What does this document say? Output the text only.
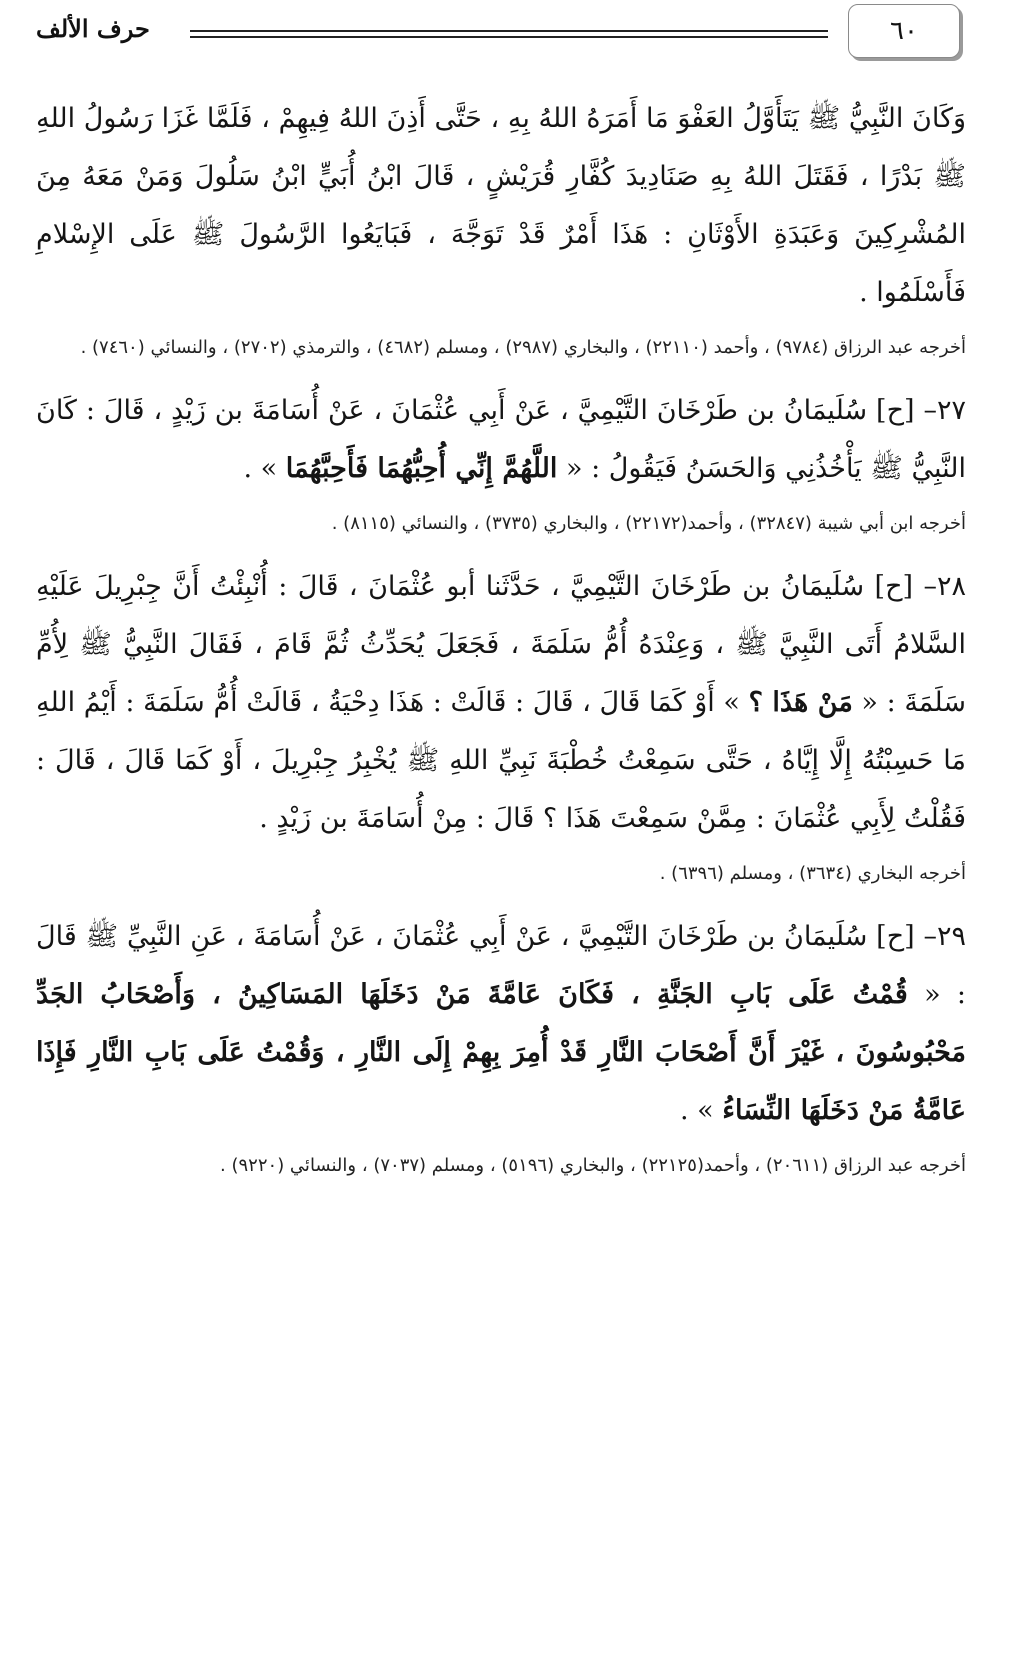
٦٠
حرف الألف

وَكَانَ النَّبِيُّ ﷺ يَتَأَوَّلُ العَفْوَ مَا أَمَرَهُ اللهُ بِهِ ، حَتَّى أَذِنَ اللهُ فِيهِمْ ، فَلَمَّا غَزَا رَسُولُ اللهِ ﷺ بَدْرًا ، فَقَتَلَ اللهُ بِهِ صَنَادِيدَ كُفَّارِ قُرَيْشٍ ، قَالَ ابْنُ أُبَيٍّ ابْنُ سَلُولَ وَمَنْ مَعَهُ مِنَ المُشْرِكِينَ وَعَبَدَةِ الأَوْثَانِ : هَذَا أَمْرٌ قَدْ تَوَجَّهَ ، فَبَايَعُوا الرَّسُولَ ﷺ عَلَى الإِسْلامِ فَأَسْلَمُوا .

أخرجه عبد الرزاق (٩٧٨٤) ، وأحمد (٢٢١١٠) ، والبخاري (٢٩٨٧) ، ومسلم (٤٦٨٢) ، والترمذي (٢٧٠٢) ، والنسائي (٧٤٦٠) .

٢٧– [ح] سُلَيمَانُ بن طَرْخَانَ التَّيْمِيَّ ، عَنْ أَبِي عُثْمَانَ ، عَنْ أُسَامَةَ بن زَيْدٍ ، قَالَ : كَانَ النَّبِيُّ ﷺ يَأْخُذُنِي وَالحَسَنُ فَيَقُولُ : « اللَّهُمَّ إِنِّي أُحِبُّهُمَا فَأَحِبَّهُمَا » .

أخرجه ابن أبي شيبة (٣٢٨٤٧) ، وأحمد(٢٢١٧٢) ، والبخاري (٣٧٣٥) ، والنسائي (٨١١٥) .

٢٨– [ح] سُلَيمَانُ بن طَرْخَانَ التَّيْمِيَّ ، حَدَّثَنا أبو عُثْمَانَ ، قَالَ : أُنْبِئْتُ أَنَّ جِبْرِيلَ عَلَيْهِ السَّلامُ أَتَى النَّبِيَّ ﷺ ، وَعِنْدَهُ أُمُّ سَلَمَةَ ، فَجَعَلَ يُحَدِّثُ ثُمَّ قَامَ ، فَقَالَ النَّبِيُّ ﷺ لِأُمِّ سَلَمَةَ : « مَنْ هَذَا ؟ » أَوْ كَمَا قَالَ ، قَالَ : قَالَتْ : هَذَا دِحْيَةُ ، قَالَتْ أُمُّ سَلَمَةَ : أَيْمُ اللهِ مَا حَسِبْتُهُ إِلَّا إِيَّاهُ ، حَتَّى سَمِعْتُ خُطْبَةَ نَبِيِّ اللهِ ﷺ يُخْبِرُ جِبْرِيلَ ، أَوْ كَمَا قَالَ ، قَالَ : فَقُلْتُ لِأَبِي عُثْمَانَ : مِمَّنْ سَمِعْتَ هَذَا ؟ قَالَ : مِنْ أُسَامَةَ بن زَيْدٍ .

أخرجه البخاري (٣٦٣٤) ، ومسلم (٦٣٩٦) .

٢٩– [ح] سُلَيمَانُ بن طَرْخَانَ التَّيْمِيَّ ، عَنْ أَبِي عُثْمَانَ ، عَنْ أُسَامَةَ ، عَنِ النَّبِيِّ ﷺ قَالَ : « قُمْتُ عَلَى بَابِ الجَنَّةِ ، فَكَانَ عَامَّةَ مَنْ دَخَلَهَا المَسَاكِينُ ، وَأَصْحَابُ الجَدِّ مَحْبُوسُونَ ، غَيْرَ أَنَّ أَصْحَابَ النَّارِ قَدْ أُمِرَ بِهِمْ إِلَى النَّارِ ، وَقُمْتُ عَلَى بَابِ النَّارِ فَإِذَا عَامَّةُ مَنْ دَخَلَهَا النِّسَاءُ » .

أخرجه عبد الرزاق (٢٠٦١١) ، وأحمد(٢٢١٢٥) ، والبخاري (٥١٩٦) ، ومسلم (٧٠٣٧) ، والنسائي (٩٢٢٠) .
